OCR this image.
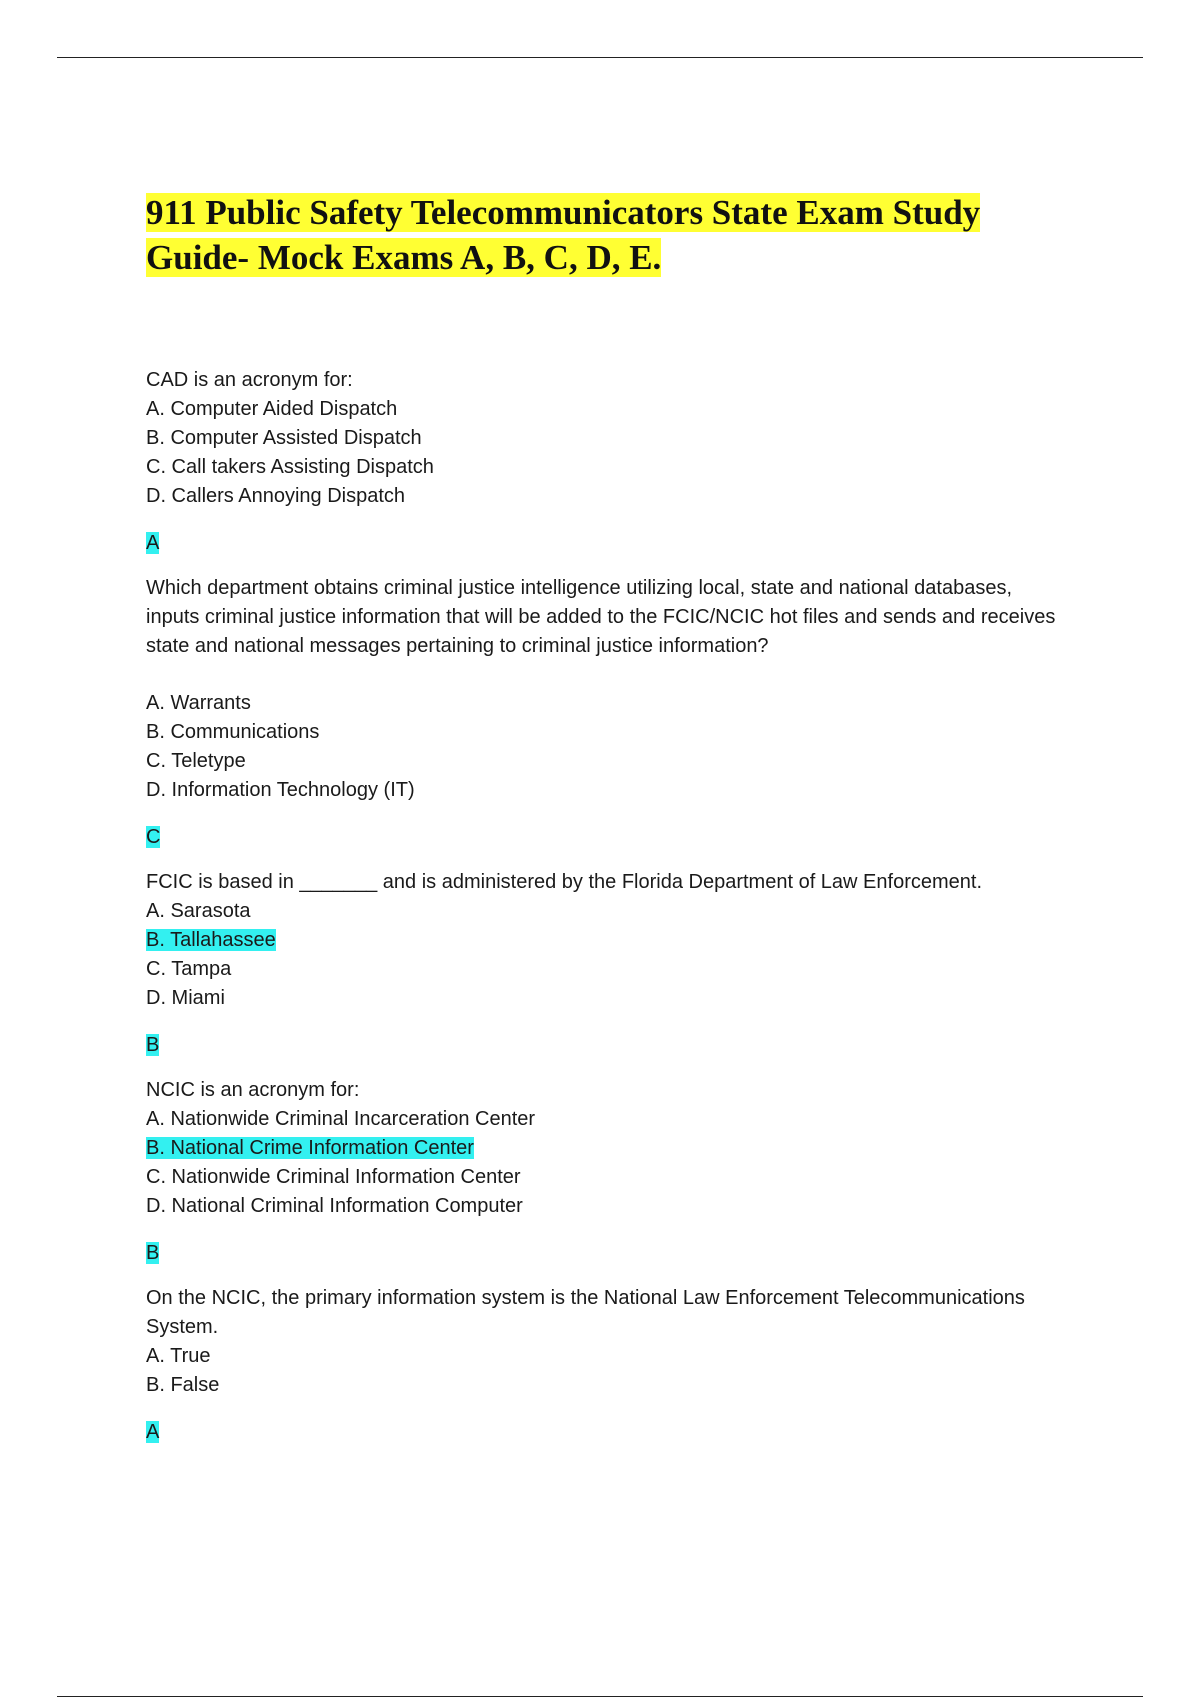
911 Public Safety Telecommunicators State Exam Study
Guide- Mock Exams A, B, C, D, E.
CAD is an acronym for:
A. Computer Aided Dispatch
B. Computer Assisted Dispatch
C. Call takers Assisting Dispatch
D. Callers Annoying Dispatch
A
Which department obtains criminal justice intelligence utilizing local, state and national databases, inputs criminal justice information that will be added to the FCIC/NCIC hot files and sends and receives state and national messages pertaining to criminal justice information?
A. Warrants
B. Communications
C. Teletype
D. Information Technology (IT)
C
FCIC is based in _______ and is administered by the Florida Department of Law Enforcement.
A. Sarasota
B. Tallahassee
C. Tampa
D. Miami
B
NCIC is an acronym for:
A. Nationwide Criminal Incarceration Center
B. National Crime Information Center
C. Nationwide Criminal Information Center
D. National Criminal Information Computer
B
On the NCIC, the primary information system is the National Law Enforcement Telecommunications System.
A. True
B. False
A
